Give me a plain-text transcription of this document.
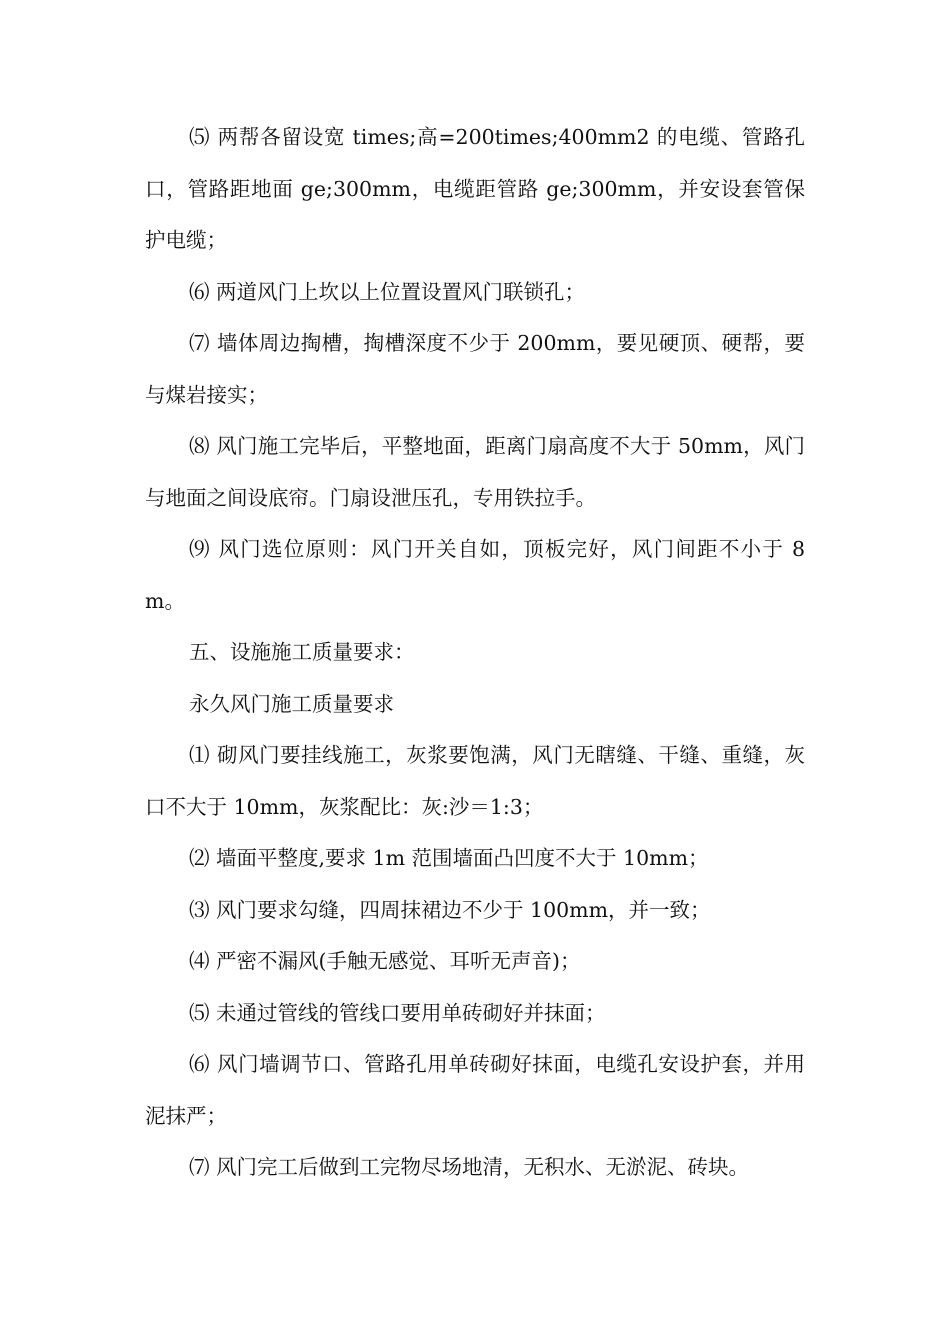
⑸ 两帮各留设宽 times;高=200times;400mm2 的电缆、管路孔口，管路距地面 ge;300mm，电缆距管路 ge;300mm，并安设套管保护电缆；

⑹ 两道风门上坎以上位置设置风门联锁孔；

⑺ 墙体周边掏槽，掏槽深度不少于 200mm，要见硬顶、硬帮，要与煤岩接实；

⑻ 风门施工完毕后，平整地面，距离门扇高度不大于 50mm，风门与地面之间设底帘。门扇设泄压孔，专用铁拉手。

⑼ 风门选位原则：风门开关自如，顶板完好，风门间距不小于 8m。

五、设施施工质量要求：

永久风门施工质量要求

⑴ 砌风门要挂线施工，灰浆要饱满，风门无瞎缝、干缝、重缝，灰口不大于 10mm，灰浆配比：灰:沙＝1:3；

⑵ 墙面平整度,要求 1m 范围墙面凸凹度不大于 10mm；

⑶ 风门要求勾缝，四周抹裙边不少于 100mm，并一致；

⑷ 严密不漏风(手触无感觉、耳听无声音)；

⑸ 未通过管线的管线口要用单砖砌好并抹面；

⑹ 风门墙调节口、管路孔用单砖砌好抹面，电缆孔安设护套，并用泥抹严；

⑺ 风门完工后做到工完物尽场地清，无积水、无淤泥、砖块。
